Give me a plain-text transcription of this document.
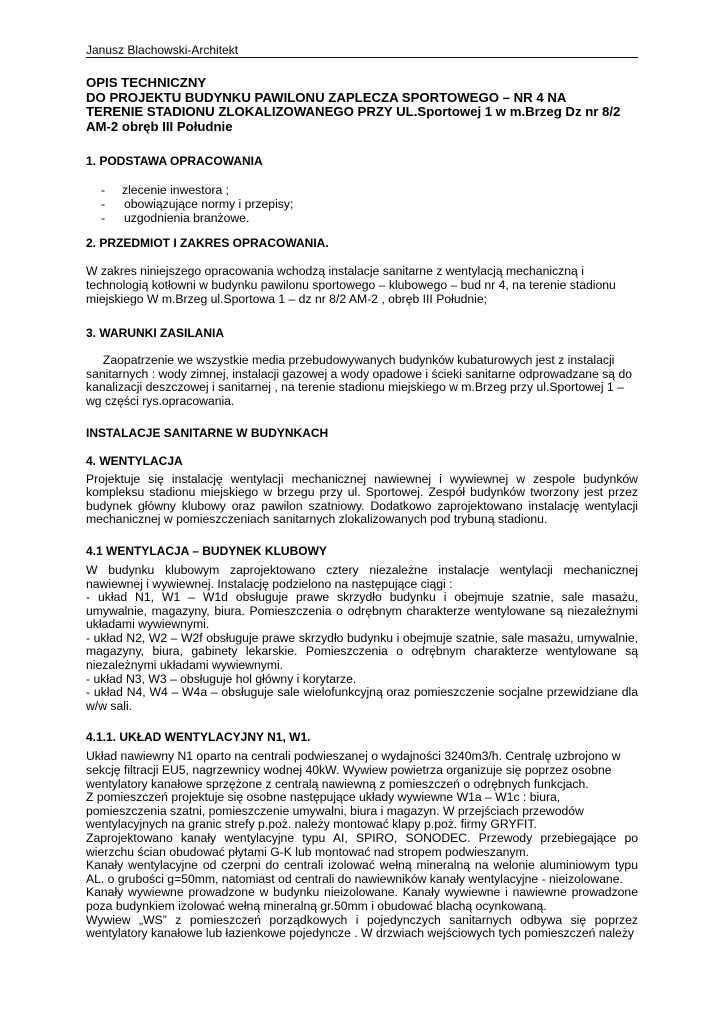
Janusz Blachowski-Architekt
OPIS TECHNICZNY
DO PROJEKTU BUDYNKU PAWILONU ZAPLECZA SPORTOWEGO – NR 4 NA
TERENIE STADIONU ZLOKALIZOWANEGO PRZY UL.Sportowej 1 w m.Brzeg Dz nr 8/2
AM-2 obręb III Południe
1. PODSTAWA OPRACOWANIA
- zlecenie inwestora ;
- obowiązujące normy i przepisy;
- uzgodnienia branżowe.
2. PRZEDMIOT I ZAKRES OPRACOWANIA.
W zakres niniejszego opracowania wchodzą instalacje sanitarne z wentylacją mechaniczną i
technologią kotłowni w budynku pawilonu sportowego – klubowego – bud nr 4, na terenie stadionu
miejskiego W m.Brzeg ul.Sportowa 1 – dz nr 8/2 AM-2 , obręb III Południe;
3. WARUNKI ZASILANIA
Zaopatrzenie we wszystkie media przebudowywanych budynków kubaturowych jest z instalacji
sanitarnych : wody zimnej, instalacji gazowej a wody opadowe i ścieki sanitarne odprowadzane są do
kanalizacji deszczowej i sanitarnej , na terenie stadionu miejskiego w m.Brzeg przy ul.Sportowej 1 –
wg części rys.opracowania.
INSTALACJE SANITARNE W BUDYNKACH
4. WENTYLACJA

Projektuje się instalację wentylacji mechanicznej nawiewnej i wywiewnej w zespole budynków kompleksu stadionu miejskiego w brzegu przy ul. Sportowej. Zespół budynków tworzony jest przez budynek główny klubowy oraz pawilon szatniowy. Dodatkowo zaprojektowano instalację wentylacji mechanicznej w pomieszczeniach sanitarnych zlokalizowanych pod trybuną stadionu.

4.1 WENTYLACJA – BUDYNEK KLUBOWY

W budynku klubowym zaprojektowano cztery niezależne instalacje wentylacji mechanicznej nawiewnej i wywiewnej. Instalację podzielono na następujące ciągi :

- układ N1, W1 – W1d obsługuje prawe skrzydło budynku i obejmuje szatnie, sale masażu, umywalnie, magazyny, biura. Pomieszczenia o odrębnym charakterze wentylowane są niezależnymi układami wywiewnymi.

- układ N2, W2 – W2f obsługuje prawe skrzydło budynku i obejmuje szatnie, sale masażu, umywalnie, magazyny, biura, gabinety lekarskie. Pomieszczenia o odrębnym charakterze wentylowane są niezależnymi układami wywiewnymi.

- układ N3, W3 – obsługuje hol główny i korytarze.

- układ N4, W4 – W4a – obsługuje sale wielofunkcyjną oraz pomieszczenie socjalne przewidziane dla w/w sali.

4.1.1. UKŁAD WENTYLACYJNY N1, W1.
Układ nawiewny N1 oparto na centrali podwieszanej o wydajności 3240m3/h. Centralę uzbrojono w
sekcję filtracji EU5, nagrzewnicy wodnej 40kW. Wywiew powietrza organizuje się poprzez osobne
wentylatory kanałowe sprzężone z centralą nawiewną z pomieszczeń o odrębnych funkcjach.
Z pomieszczeń projektuje się osobne następujące układy wywiewne W1a – W1c : biura,
pomieszczenia szatni, pomieszczenie umywalni, biura i magazyn. W przejściach przewodów
wentylacyjnych na granic strefy p.poż. należy montować klapy p.poż. firmy GRYFIT.

Zaprojektowano kanały wentylacyjne typu AI, SPIRO, SONODEC. Przewody przebiegające po wierzchu ścian obudować płytami G-K lub montować nad stropem podwieszanym.

Kanały wentylacyjne od czerpni do centrali izolować wełną mineralną na welonie aluminiowym typu AL. o grubości g=50mm, natomiast od centrali do nawiewników kanały wentylacyjne - nieizolowane.

Kanały wywiewne prowadzone w budynku nieizolowane. Kanały wywiewne i nawiewne prowadzone poza budynkiem izolować wełną mineralną gr.50mm i obudować blachą ocynkowaną.

Wywiew „WS” z pomieszczeń porządkowych i pojedynczych sanitarnych odbywa się poprzez wentylatory kanałowe lub łazienkowe pojedyncze . W drzwiach wejściowych tych pomieszczeń należy
